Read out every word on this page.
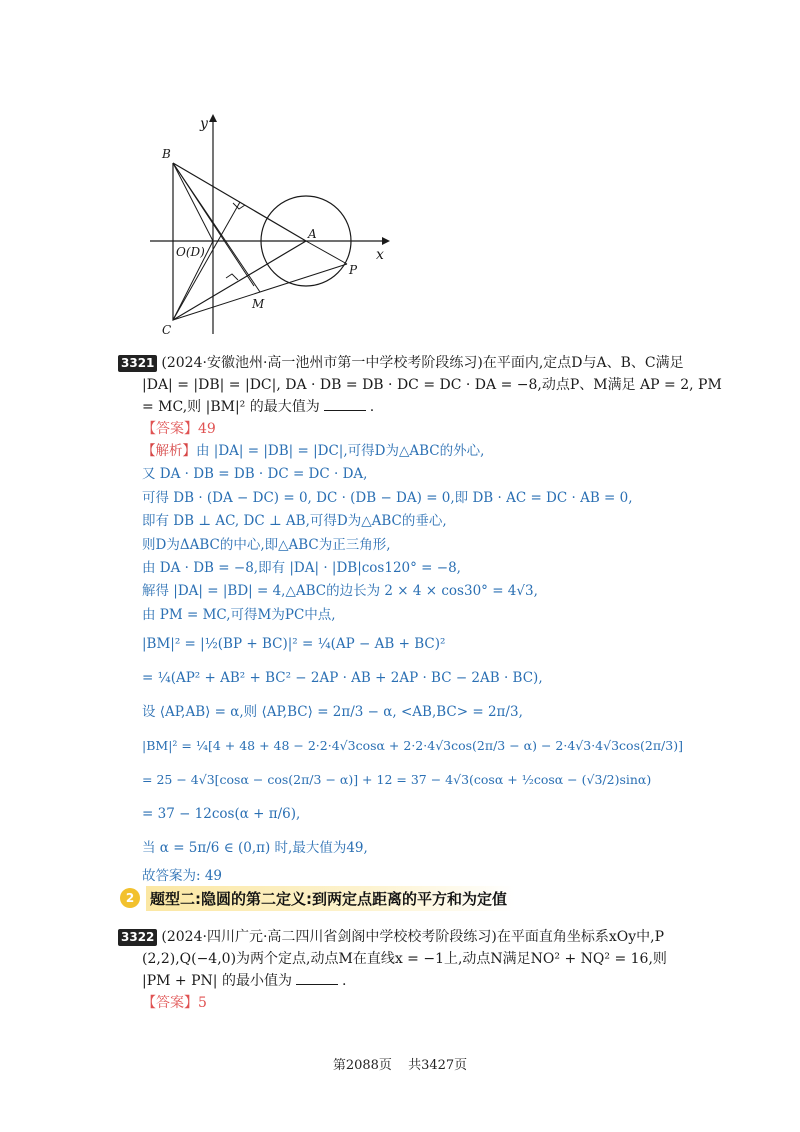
y
x
B
O(D)
A
P
M
C
3321 (2024·安徽池州·高一池州市第一中学校考阶段练习)在平面内,定点D与A、B、C满足
|DA| = |DB| = |DC|, DA · DB = DB · DC = DC · DA = −8,动点P、M满足 AP = 2, PM
= MC,则 |BM|² 的最大值为	.
【答案】49
【解析】由 |DA| = |DB| = |DC|,可得D为△ABC的外心,
又 DA · DB = DB · DC = DC · DA,
可得 DB · (DA − DC) = 0, DC · (DB − DA) = 0,即 DB · AC = DC · AB = 0,
即有 DB ⊥ AC, DC ⊥ AB,可得D为△ABC的垂心,
则D为ΔABC的中心,即△ABC为正三角形,
由 DA · DB = −8,即有 |DA| · |DB|cos120° = −8,
解得 |DA| = |BD| = 4,△ABC的边长为 2 × 4 × cos30° = 4√3,
由 PM = MC,可得M为PC中点,
|BM|² = |½(BP + BC)|² = ¼(AP − AB + BC)²
= ¼(AP² + AB² + BC² − 2AP · AB + 2AP · BC − 2AB · BC),
设 ⟨AP,AB⟩ = α,则 ⟨AP,BC⟩ = 2π/3 − α, <AB,BC> = 2π/3,
|BM|² = ¼[4 + 48 + 48 − 2·2·4√3cosα + 2·2·4√3cos(2π/3 − α) − 2·4√3·4√3cos(2π/3)]
= 25 − 4√3[cosα − cos(2π/3 − α)] + 12 = 37 − 4√3(cosα + ½cosα − (√3/2)sinα)
= 37 − 12cos(α + π/6),
当 α = 5π/6 ∈ (0,π) 时,最大值为49,
故答案为: 49
2	题型二:隐圆的第二定义:到两定点距离的平方和为定值
3322 (2024·四川广元·高二四川省剑阁中学校校考阶段练习)在平面直角坐标系xOy中,P
(2,2),Q(−4,0)为两个定点,动点M在直线x = −1上,动点N满足NO² + NQ² = 16,则
|PM + PN| 的最小值为	.
【答案】5
第2088页 共3427页
